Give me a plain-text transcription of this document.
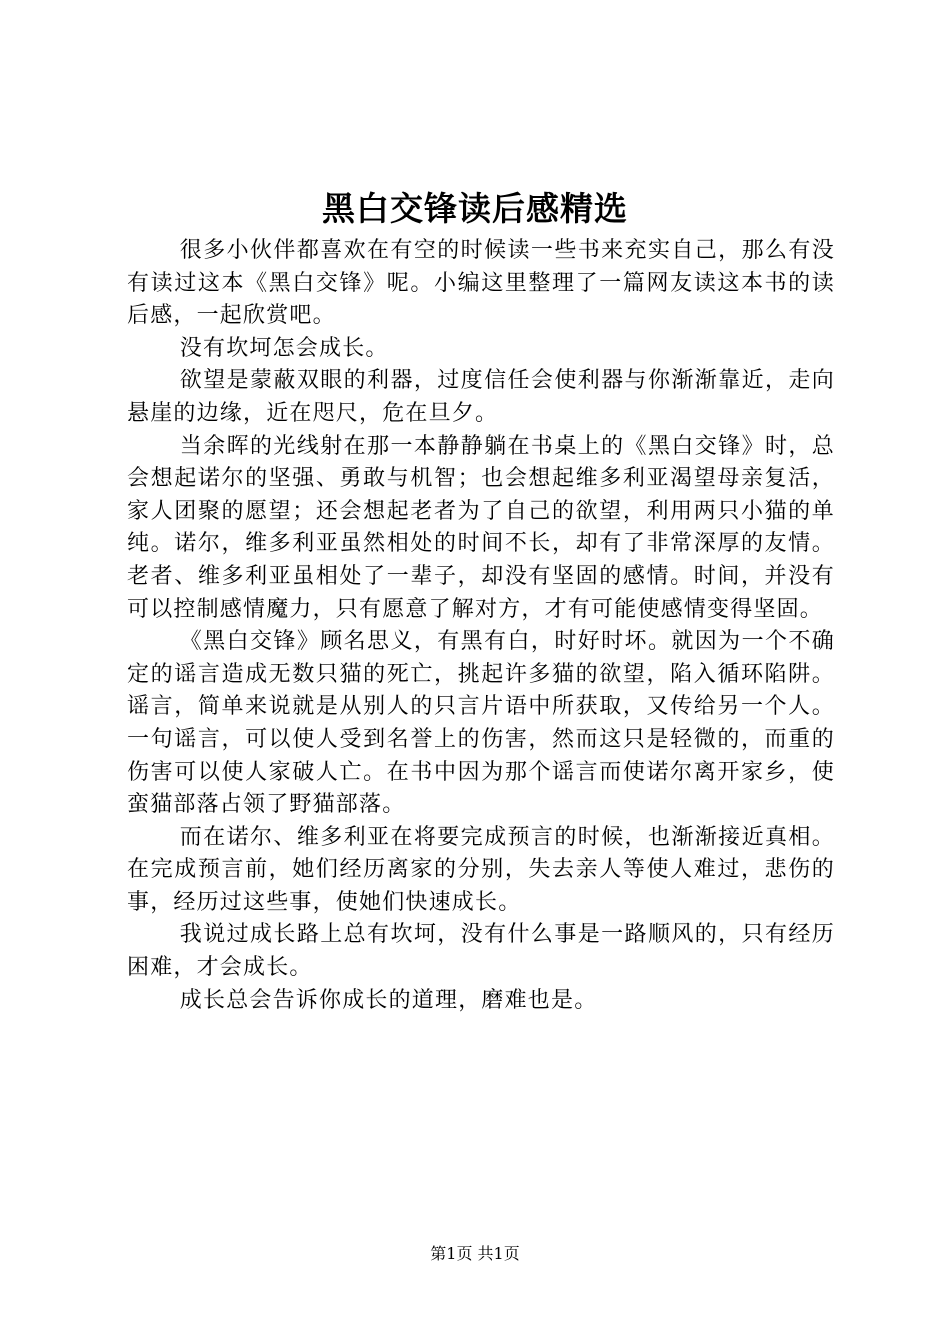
黑白交锋读后感精选

很多小伙伴都喜欢在有空的时候读一些书来充实自己，那么有没有读过这本《黑白交锋》呢。小编这里整理了一篇网友读这本书的读后感，一起欣赏吧。

没有坎坷怎会成长。

欲望是蒙蔽双眼的利器，过度信任会使利器与你渐渐靠近，走向悬崖的边缘，近在咫尺，危在旦夕。

当余晖的光线射在那一本静静躺在书桌上的《黑白交锋》时，总会想起诺尔的坚强、勇敢与机智；也会想起维多利亚渴望母亲复活，家人团聚的愿望；还会想起老者为了自己的欲望，利用两只小猫的单纯。诺尔，维多利亚虽然相处的时间不长，却有了非常深厚的友情。老者、维多利亚虽相处了一辈子，却没有坚固的感情。时间，并没有可以控制感情魔力，只有愿意了解对方，才有可能使感情变得坚固。

《黑白交锋》顾名思义，有黑有白，时好时坏。就因为一个不确定的谣言造成无数只猫的死亡，挑起许多猫的欲望，陷入循环陷阱。谣言，简单来说就是从别人的只言片语中所获取，又传给另一个人。一句谣言，可以使人受到名誉上的伤害，然而这只是轻微的，而重的伤害可以使人家破人亡。在书中因为那个谣言而使诺尔离开家乡，使蛮猫部落占领了野猫部落。

而在诺尔、维多利亚在将要完成预言的时候，也渐渐接近真相。在完成预言前，她们经历离家的分别，失去亲人等使人难过，悲伤的事，经历过这些事，使她们快速成长。

我说过成长路上总有坎坷，没有什么事是一路顺风的，只有经历困难，才会成长。

成长总会告诉你成长的道理，磨难也是。

第1页 共1页
